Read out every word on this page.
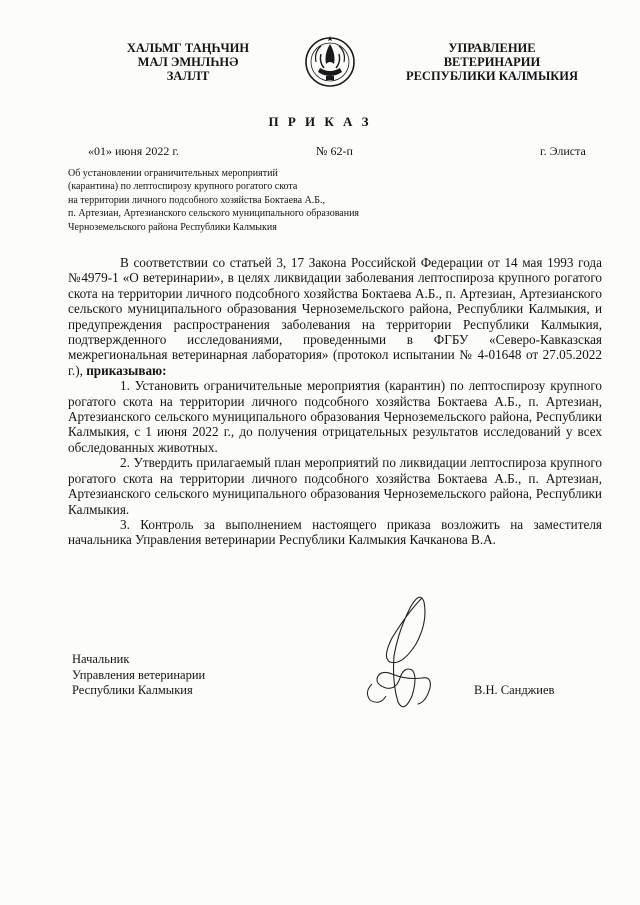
ХАЛЬМГ ТАҢҺЧИН
МАЛ ЭМНЛҺНӘ
ЗАЛЛТ
УПРАВЛЕНИЕ
ВЕТЕРИНАРИИ
РЕСПУБЛИКИ КАЛМЫКИЯ
П Р И К А З
«01» июня 2022 г.	№ 62-п	г. Элиста
Об установлении ограничительных мероприятий
(карантина) по лептоспирозу крупного рогатого скота
на территории личного подсобного хозяйства Боктаева А.Б.,
п. Артезиан, Артезианского сельского муниципального образования
Черноземельского района Республики Калмыкия

В соответствии со статьей 3, 17 Закона Российской Федерации от 14 мая 1993 года №4979-1 «О ветеринарии», в целях ликвидации заболевания лептоспироза крупного рогатого скота на территории личного подсобного хозяйства Боктаева А.Б., п. Артезиан, Артезианского сельского муниципального образования Черноземельского района, Республики Калмыкия, и предупреждения распространения заболевания на территории Республики Калмыкия, подтвержденного исследованиями, проведенными в ФГБУ «Северо-Кавказская межрегиональная ветеринарная лаборатория» (протокол испытании № 4-01648 от 27.05.2022 г.), приказываю:

1. Установить ограничительные мероприятия (карантин) по лептоспирозу крупного рогатого скота на территории личного подсобного хозяйства Боктаева А.Б., п. Артезиан, Артезианского сельского муниципального образования Черноземельского района, Республики Калмыкия, с 1 июня 2022 г., до получения отрицательных результатов исследований у всех обследованных животных.

2. Утвердить прилагаемый план мероприятий по ликвидации лептоспироза крупного рогатого скота на территории личного подсобного хозяйства Боктаева А.Б., п. Артезиан, Артезианского сельского муниципального образования Черноземельского района, Республики Калмыкия.

3. Контроль за выполнением настоящего приказа возложить на заместителя начальника Управления ветеринарии Республики Калмыкия Качканова В.А.

Начальник
Управления ветеринарии
Республики Калмыкия	В.Н. Санджиев
